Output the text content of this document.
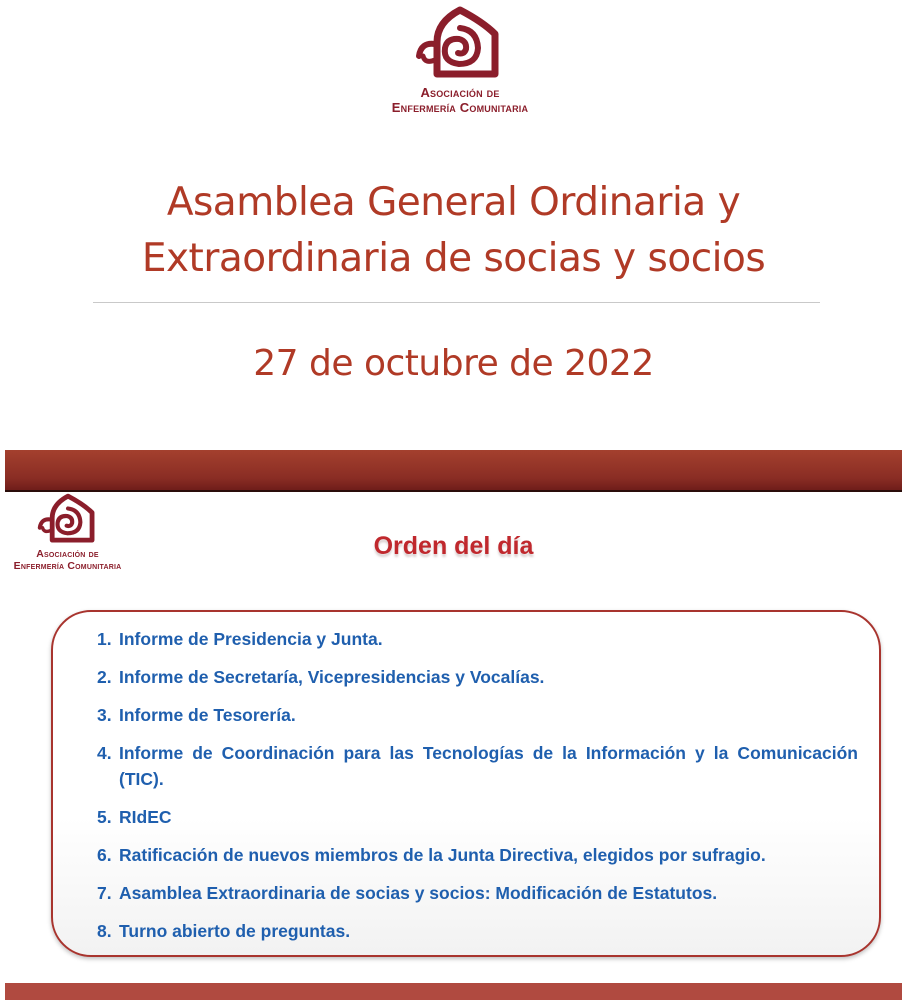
Asociación de
Enfermería Comunitaria
Asamblea General Ordinaria y
Extraordinaria de socias y socios
27 de octubre de 2022
Asociación de
Enfermería Comunitaria
Orden del día
1. Informe de Presidencia y Junta.
2. Informe de Secretaría, Vicepresidencias y Vocalías.
3. Informe de Tesorería.
4. Informe de Coordinación para las Tecnologías de la Información y la Comunicación (TIC).
5. RIdEC
6. Ratificación de nuevos miembros de la Junta Directiva, elegidos por sufragio.
7. Asamblea Extraordinaria de socias y socios: Modificación de Estatutos.
8. Turno abierto de preguntas.
